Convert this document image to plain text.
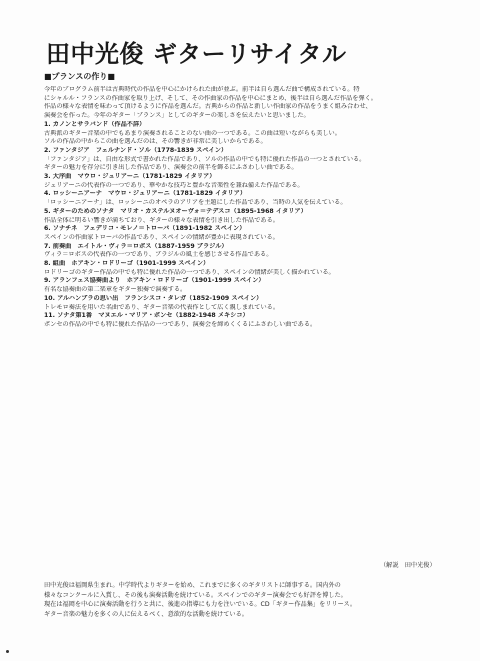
田中光俊 ギターリサイタル
■プランスの作り■

今年のプログラム前半は古典時代の作品を中心にかけられた曲が並ぶ。前半は自ら選んだ曲で構成されている。特

にシャルル・フランスの作曲家を取り上げ、そして、その作曲家の作品を中心にまとめ、後半は自ら選んだ作品を弾く。

作品の様々な表情を味わって頂けるように作品を選んだ。古典からの作品と新しい作曲家の作品をうまく組み合わせ、

演奏会を作った。今年のギター「プランス」としてのギターの楽しさを伝えたいと思いました。

1. カノンとサラバンド（作品不詳）

古典派のギター音楽の中でもあまり演奏されることのない曲の一つである。この曲は短いながらも美しい。

ソルの作品の中からこの曲を選んだのは、その響きが非常に美しいからである。

2. ファンタジア　フェルナンド・ソル（1778-1839 スペイン）

「ファンタジア」は、自由な形式で書かれた作品であり、ソルの作品の中でも特に優れた作品の一つとされている。

ギターの魅力を存分に引き出した作品であり、演奏会の前半を飾るにふさわしい曲である。

3. 大序曲　マウロ・ジュリアーニ（1781-1829 イタリア）

ジュリアーニの代表作の一つであり、華やかな技巧と豊かな音楽性を兼ね備えた作品である。

4. ロッシーニアーナ　マウロ・ジュリアーニ（1781-1829 イタリア）

「ロッシーニアーナ」は、ロッシーニのオペラのアリアを主題にした作品であり、当時の人気を伝えている。

5. ギターのためのソナタ　マリオ・カステルヌオーヴォ＝テデスコ（1895-1968 イタリア）

作品全体に明るい響きが満ちており、ギターの様々な表情を引き出した作品である。

6. ソナチネ　フェデリコ・モレノ＝トローバ（1891-1982 スペイン）

スペインの作曲家トローバの作品であり、スペインの情緒が豊かに表現されている。

7. 前奏曲　エイトル・ヴィラ＝ロボス（1887-1959 ブラジル）

ヴィラ＝ロボスの代表作の一つであり、ブラジルの風土を感じさせる作品である。

8. 組曲　ホアキン・ロドリーゴ（1901-1999 スペイン）

ロドリーゴのギター作品の中でも特に優れた作品の一つであり、スペインの情緒が美しく描かれている。

9. アランフェス協奏曲より　ホアキン・ロドリーゴ（1901-1999 スペイン）

有名な協奏曲の第二楽章をギター独奏で演奏する。

10. アルハンブラの思い出　フランシスコ・タレガ（1852-1909 スペイン）

トレモロ奏法を用いた名曲であり、ギター音楽の代表作として広く親しまれている。

11. ソナタ第1番　マヌエル・マリア・ポンセ（1882-1948 メキシコ）

ポンセの作品の中でも特に優れた作品の一つであり、演奏会を締めくくるにふさわしい曲である。

（解説　田中光俊）

田中光俊は福岡県生まれ。中学時代よりギターを始め、これまでに多くのギタリストに師事する。国内外の

様々なコンクールに入賞し、その後も演奏活動を続けている。スペインでのギター演奏会でも好評を博した。

現在は福岡を中心に演奏活動を行うと共に、後進の指導にも力を注いでいる。CD「ギター作品集」をリリース。

ギター音楽の魅力を多くの人に伝えるべく、意欲的な活動を続けている。
